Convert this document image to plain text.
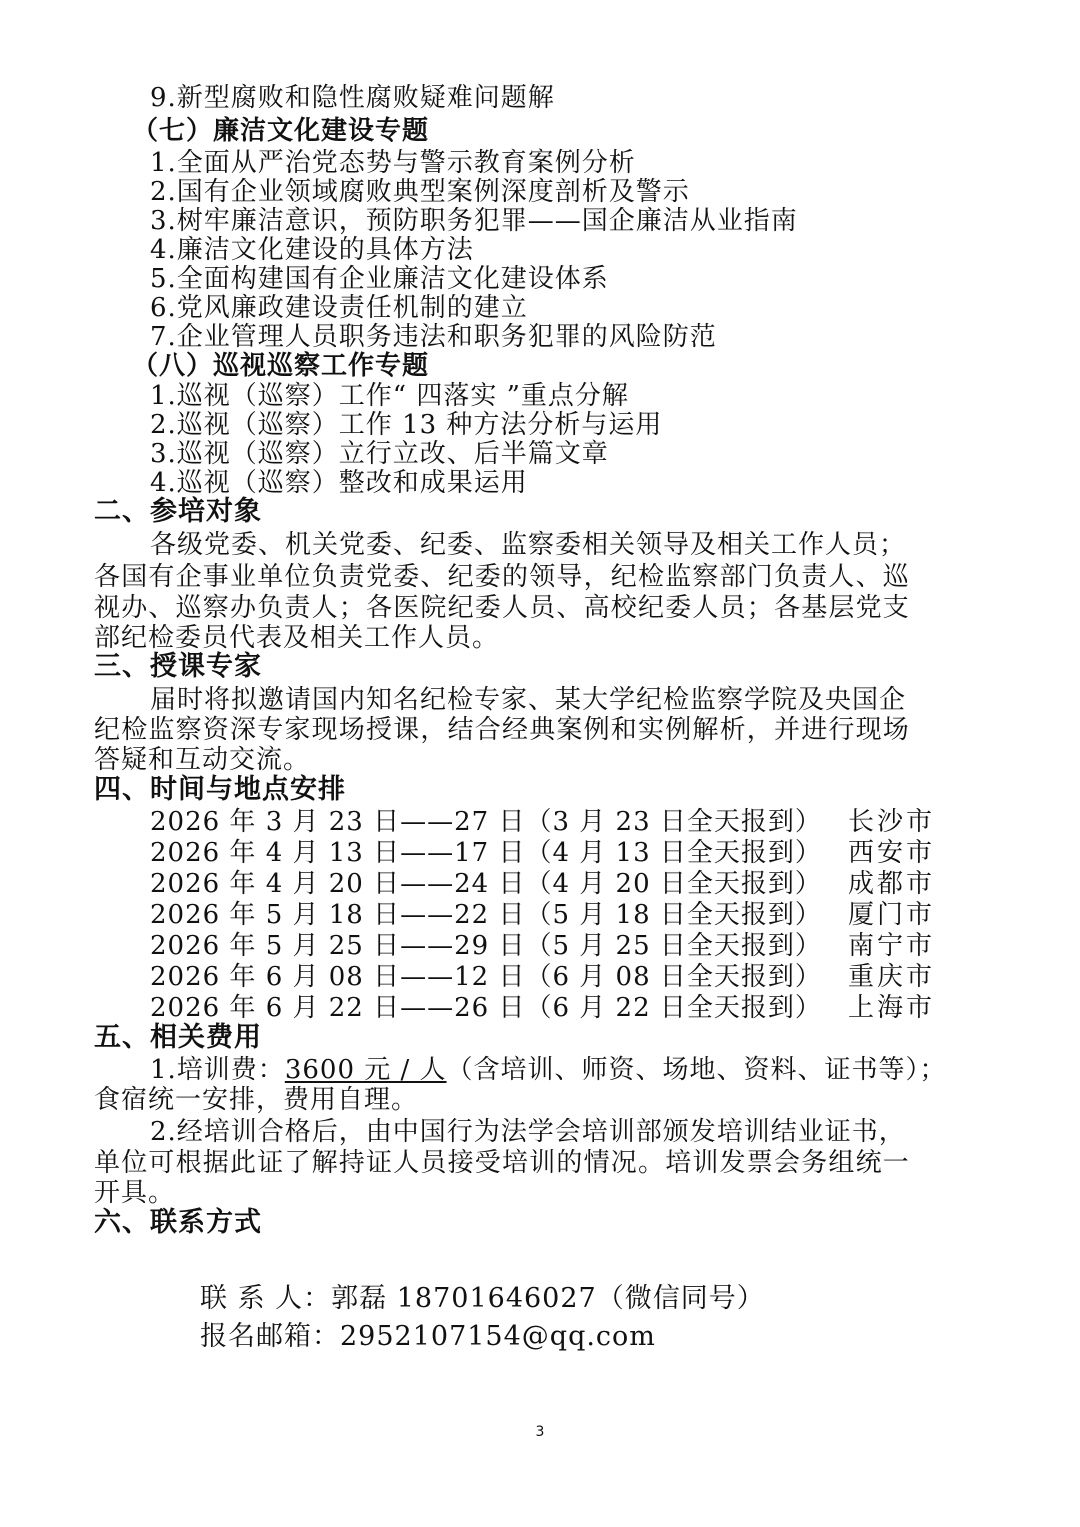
9.新型腐败和隐性腐败疑难问题解
（七）廉洁文化建设专题
1.全面从严治党态势与警示教育案例分析
2.国有企业领域腐败典型案例深度剖析及警示
3.树牢廉洁意识，预防职务犯罪——国企廉洁从业指南
4.廉洁文化建设的具体方法
5.全面构建国有企业廉洁文化建设体系
6.党风廉政建设责任机制的建立
7.企业管理人员职务违法和职务犯罪的风险防范
（八）巡视巡察工作专题
1.巡视（巡察）工作“ 四落实 ”重点分解
2.巡视（巡察）工作 13 种方法分析与运用
3.巡视（巡察）立行立改、后半篇文章
4.巡视（巡察）整改和成果运用
二、参培对象
各级党委、机关党委、纪委、监察委相关领导及相关工作人员；
各国有企事业单位负责党委、纪委的领导，纪检监察部门负责人、巡
视办、巡察办负责人；各医院纪委人员、高校纪委人员；各基层党支
部纪检委员代表及相关工作人员。
三、授课专家
届时将拟邀请国内知名纪检专家、某大学纪检监察学院及央国企
纪检监察资深专家现场授课，结合经典案例和实例解析，并进行现场
答疑和互动交流。
四、时间与地点安排
2026 年 3 月 23 日——27 日（3 月 23 日全天报到） 长沙市
2026 年 4 月 13 日——17 日（4 月 13 日全天报到） 西安市
2026 年 4 月 20 日——24 日（4 月 20 日全天报到） 成都市
2026 年 5 月 18 日——22 日（5 月 18 日全天报到） 厦门市
2026 年 5 月 25 日——29 日（5 月 25 日全天报到） 南宁市
2026 年 6 月 08 日——12 日（6 月 08 日全天报到） 重庆市
2026 年 6 月 22 日——26 日（6 月 22 日全天报到） 上海市
五、相关费用
1.培训费：3600 元 / 人（含培训、师资、场地、资料、证书等）；
食宿统一安排，费用自理。
2.经培训合格后，由中国行为法学会培训部颁发培训结业证书，
单位可根据此证了解持证人员接受培训的情况。培训发票会务组统一
开具。
六、联系方式
联 系 人：郭磊 18701646027（微信同号）
报名邮箱：2952107154@qq.com
3
